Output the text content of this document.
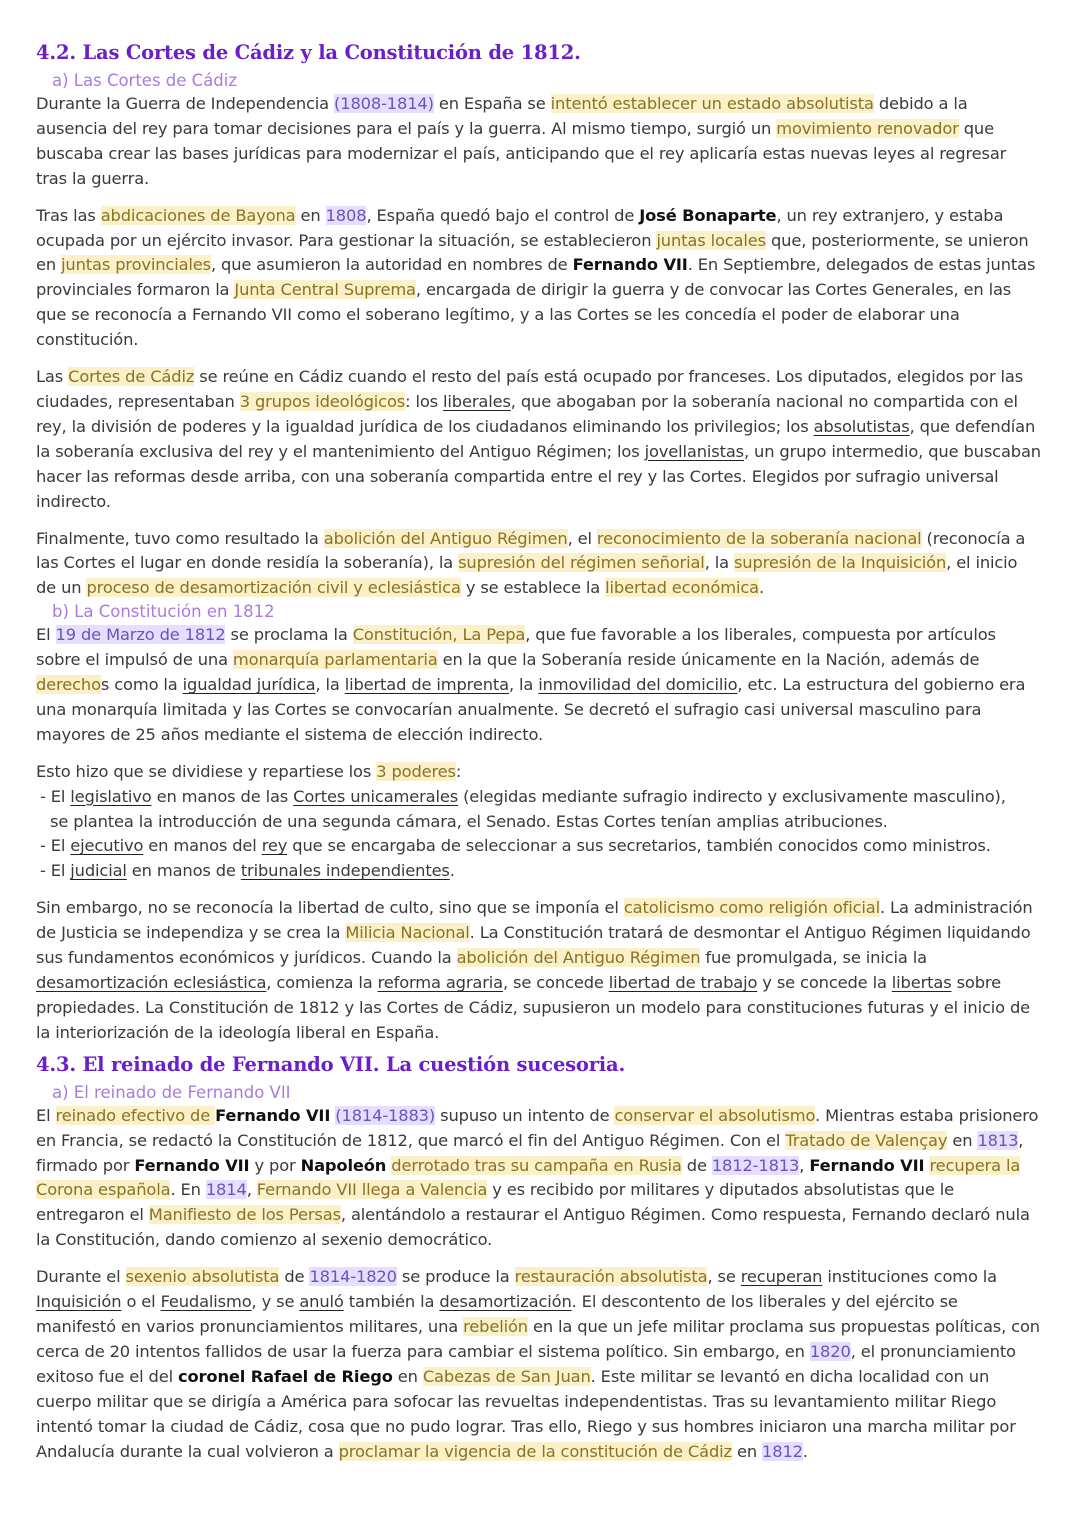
4.2. Las Cortes de Cádiz y la Constitución de 1812.
a) Las Cortes de Cádiz
Durante la Guerra de Independencia (1808-1814) en España se intentó establecer un estado absolutista debido a la ausencia del rey para tomar decisiones para el país y la guerra. Al mismo tiempo, surgió un movimiento renovador que buscaba crear las bases jurídicas para modernizar el país, anticipando que el rey aplicaría estas nuevas leyes al regresar tras la guerra.
Tras las abdicaciones de Bayona en 1808, España quedó bajo el control de José Bonaparte, un rey extranjero, y estaba ocupada por un ejército invasor. Para gestionar la situación, se establecieron juntas locales que, posteriormente, se unieron en juntas provinciales, que asumieron la autoridad en nombres de Fernando VII. En Septiembre, delegados de estas juntas provinciales formaron la Junta Central Suprema, encargada de dirigir la guerra y de convocar las Cortes Generales, en las que se reconocía a Fernando VII como el soberano legítimo, y a las Cortes se les concedía el poder de elaborar una constitución.
Las Cortes de Cádiz se reúne en Cádiz cuando el resto del país está ocupado por franceses. Los diputados, elegidos por las ciudades, representaban 3 grupos ideológicos: los liberales, que abogaban por la soberanía nacional no compartida con el rey, la división de poderes y la igualdad jurídica de los ciudadanos eliminando los privilegios; los absolutistas, que defendían la soberanía exclusiva del rey y el mantenimiento del Antiguo Régimen; los jovellanistas, un grupo intermedio, que buscaban hacer las reformas desde arriba, con una soberanía compartida entre el rey y las Cortes. Elegidos por sufragio universal indirecto.
Finalmente, tuvo como resultado la abolición del Antiguo Régimen, el reconocimiento de la soberanía nacional (reconocía a las Cortes el lugar en donde residía la soberanía), la supresión del régimen señorial, la supresión de la Inquisición, el inicio de un proceso de desamortización civil y eclesiástica y se establece la libertad económica.
b) La Constitución en 1812
El 19 de Marzo de 1812 se proclama la Constitución, La Pepa, que fue favorable a los liberales, compuesta por artículos sobre el impulsó de una monarquía parlamentaria en la que la Soberanía reside únicamente en la Nación, además de derechos como la igualdad jurídica, la libertad de imprenta, la inmovilidad del domicilio, etc. La estructura del gobierno era una monarquía limitada y las Cortes se convocarían anualmente. Se decretó el sufragio casi universal masculino para mayores de 25 años mediante el sistema de elección indirecto.
Esto hizo que se dividiese y repartiese los 3 poderes:
- El legislativo en manos de las Cortes unicamerales (elegidas mediante sufragio indirecto y exclusivamente masculino),
se plantea la introducción de una segunda cámara, el Senado. Estas Cortes tenían amplias atribuciones.
- El ejecutivo en manos del rey que se encargaba de seleccionar a sus secretarios, también conocidos como ministros.
- El judicial en manos de tribunales independientes.
Sin embargo, no se reconocía la libertad de culto, sino que se imponía el catolicismo como religión oficial. La administración de Justicia se independiza y se crea la Milicia Nacional. La Constitución tratará de desmontar el Antiguo Régimen liquidando sus fundamentos económicos y jurídicos. Cuando la abolición del Antiguo Régimen fue promulgada, se inicia la desamortización eclesiástica, comienza la reforma agraria, se concede libertad de trabajo y se concede la libertas sobre propiedades. La Constitución de 1812 y las Cortes de Cádiz, supusieron un modelo para constituciones futuras y el inicio de la interiorización de la ideología liberal en España.
4.3. El reinado de Fernando VII. La cuestión sucesoria.
a) El reinado de Fernando VII
El reinado efectivo de Fernando VII (1814-1883) supuso un intento de conservar el absolutismo. Mientras estaba prisionero en Francia, se redactó la Constitución de 1812, que marcó el fin del Antiguo Régimen. Con el Tratado de Valençay en 1813, firmado por Fernando VII y por Napoleón derrotado tras su campaña en Rusia de 1812-1813, Fernando VII recupera la Corona española. En 1814, Fernando VII llega a Valencia y es recibido por militares y diputados absolutistas que le entregaron el Manifiesto de los Persas, alentándolo a restaurar el Antiguo Régimen. Como respuesta, Fernando declaró nula la Constitución, dando comienzo al sexenio democrático.
Durante el sexenio absolutista de 1814-1820 se produce la restauración absolutista, se recuperan instituciones como la Inquisición o el Feudalismo, y se anuló también la desamortización. El descontento de los liberales y del ejército se manifestó en varios pronunciamientos militares, una rebelión en la que un jefe militar proclama sus propuestas políticas, con cerca de 20 intentos fallidos de usar la fuerza para cambiar el sistema político. Sin embargo, en 1820, el pronunciamiento exitoso fue el del coronel Rafael de Riego en Cabezas de San Juan. Este militar se levantó en dicha localidad con un cuerpo militar que se dirigía a América para sofocar las revueltas independentistas. Tras su levantamiento militar Riego intentó tomar la ciudad de Cádiz, cosa que no pudo lograr. Tras ello, Riego y sus hombres iniciaron una marcha militar por Andalucía durante la cual volvieron a proclamar la vigencia de la constitución de Cádiz en 1812.
